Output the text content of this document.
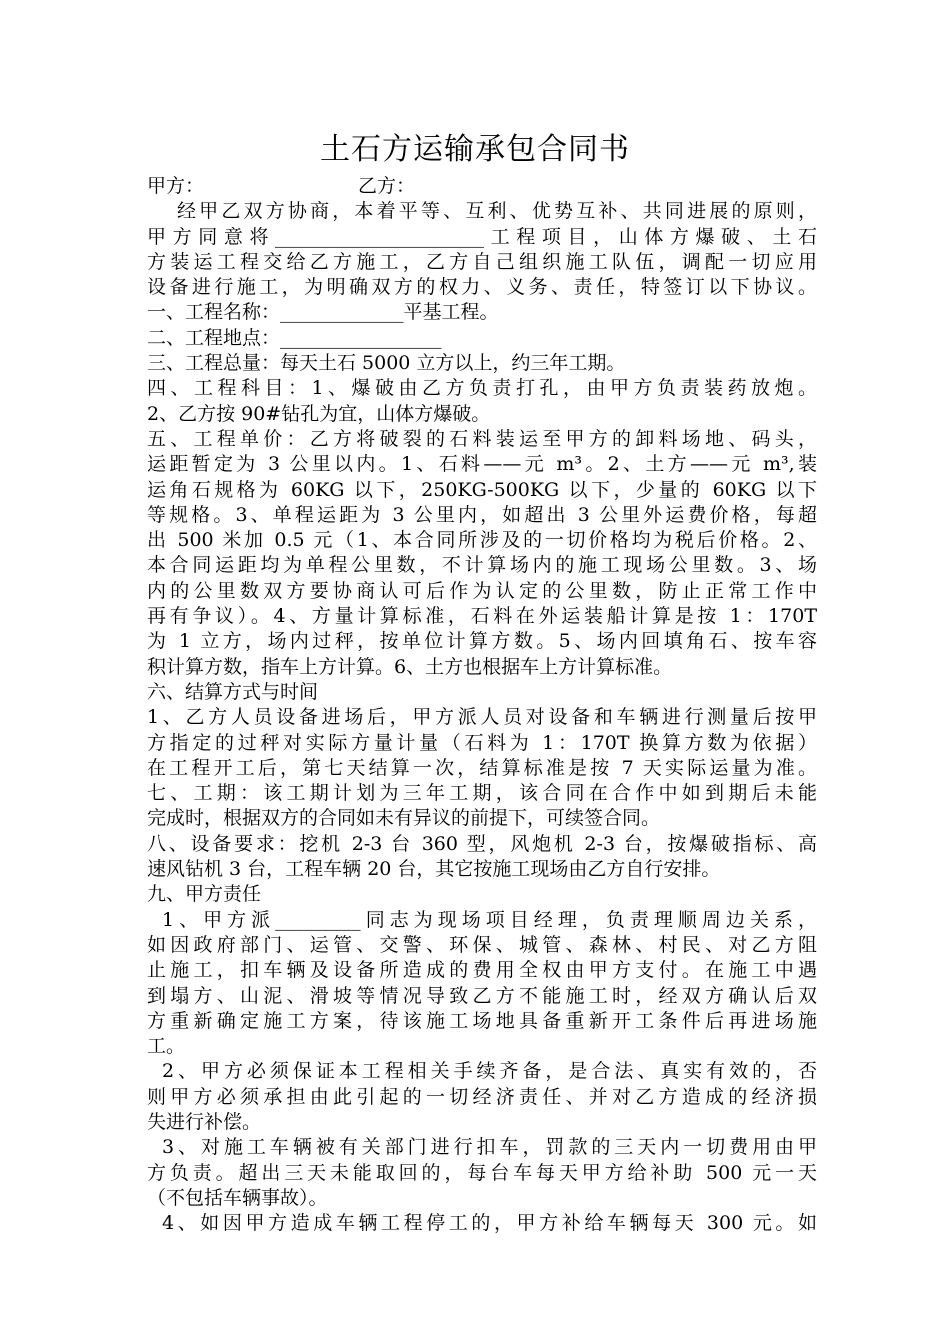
土石方运输承包合同书
甲方：	乙方：
经甲乙双方协商，本着平等、互利、优势互补、共同进展的原则，
甲方同意将______________________工程项目，山体方爆破、土石
方装运工程交给乙方施工，乙方自己组织施工队伍，调配一切应用
设备进行施工，为明确双方的权力、义务、责任，特签订以下协议。
一、工程名称：_____________平基工程。
二、工程地点：_________________
三、工程总量：每天土石 5000 立方以上，约三年工期。
四、工程科目：1、爆破由乙方负责打孔，由甲方负责装药放炮。
2、乙方按 90#钻孔为宜，山体方爆破。
五、工程单价：乙方将破裂的石料装运至甲方的卸料场地、码头，
运距暂定为 3 公里以内。1、石料——元 m³。2、土方——元 m³,装
运角石规格为 60KG 以下，250KG-500KG 以下，少量的 60KG 以下
等规格。3、单程运距为 3 公里内，如超出 3 公里外运费价格，每超
出 500 米加 0.5 元（1、本合同所涉及的一切价格均为税后价格。2、
本合同运距均为单程公里数，不计算场内的施工现场公里数。3、场
内的公里数双方要协商认可后作为认定的公里数，防止正常工作中
再有争议）。4、方量计算标准，石料在外运装船计算是按 1：170T
为 1 立方，场内过秤，按单位计算方数。5、场内回填角石、按车容
积计算方数，指车上方计算。6、土方也根据车上方计算标准。
六、结算方式与时间
1、乙方人员设备进场后，甲方派人员对设备和车辆进行测量后按甲
方指定的过秤对实际方量计量（石料为 1：170T 换算方数为依据）
在工程开工后，第七天结算一次，结算标准是按 7 天实际运量为准。
七、工期：该工期计划为三年工期，该合同在合作中如到期后未能
完成时，根据双方的合同如未有异议的前提下，可续签合同。
八、设备要求：挖机 2-3 台 360 型，风炮机 2-3 台，按爆破指标、高
速风钻机 3 台，工程车辆 20 台，其它按施工现场由乙方自行安排。
九、甲方责任
1、甲方派_________同志为现场项目经理，负责理顺周边关系，
如因政府部门、运管、交警、环保、城管、森林、村民、对乙方阻
止施工，扣车辆及设备所造成的费用全权由甲方支付。在施工中遇
到塌方、山泥、滑坡等情况导致乙方不能施工时，经双方确认后双
方重新确定施工方案，待该施工场地具备重新开工条件后再进场施
工。
2、甲方必须保证本工程相关手续齐备，是合法、真实有效的，否
则甲方必须承担由此引起的一切经济责任、并对乙方造成的经济损
失进行补偿。
3、对施工车辆被有关部门进行扣车，罚款的三天内一切费用由甲
方负责。超出三天未能取回的，每台车每天甲方给补助 500 元一天
（不包括车辆事故）。
4、如因甲方造成车辆工程停工的，甲方补给车辆每天 300 元。如
